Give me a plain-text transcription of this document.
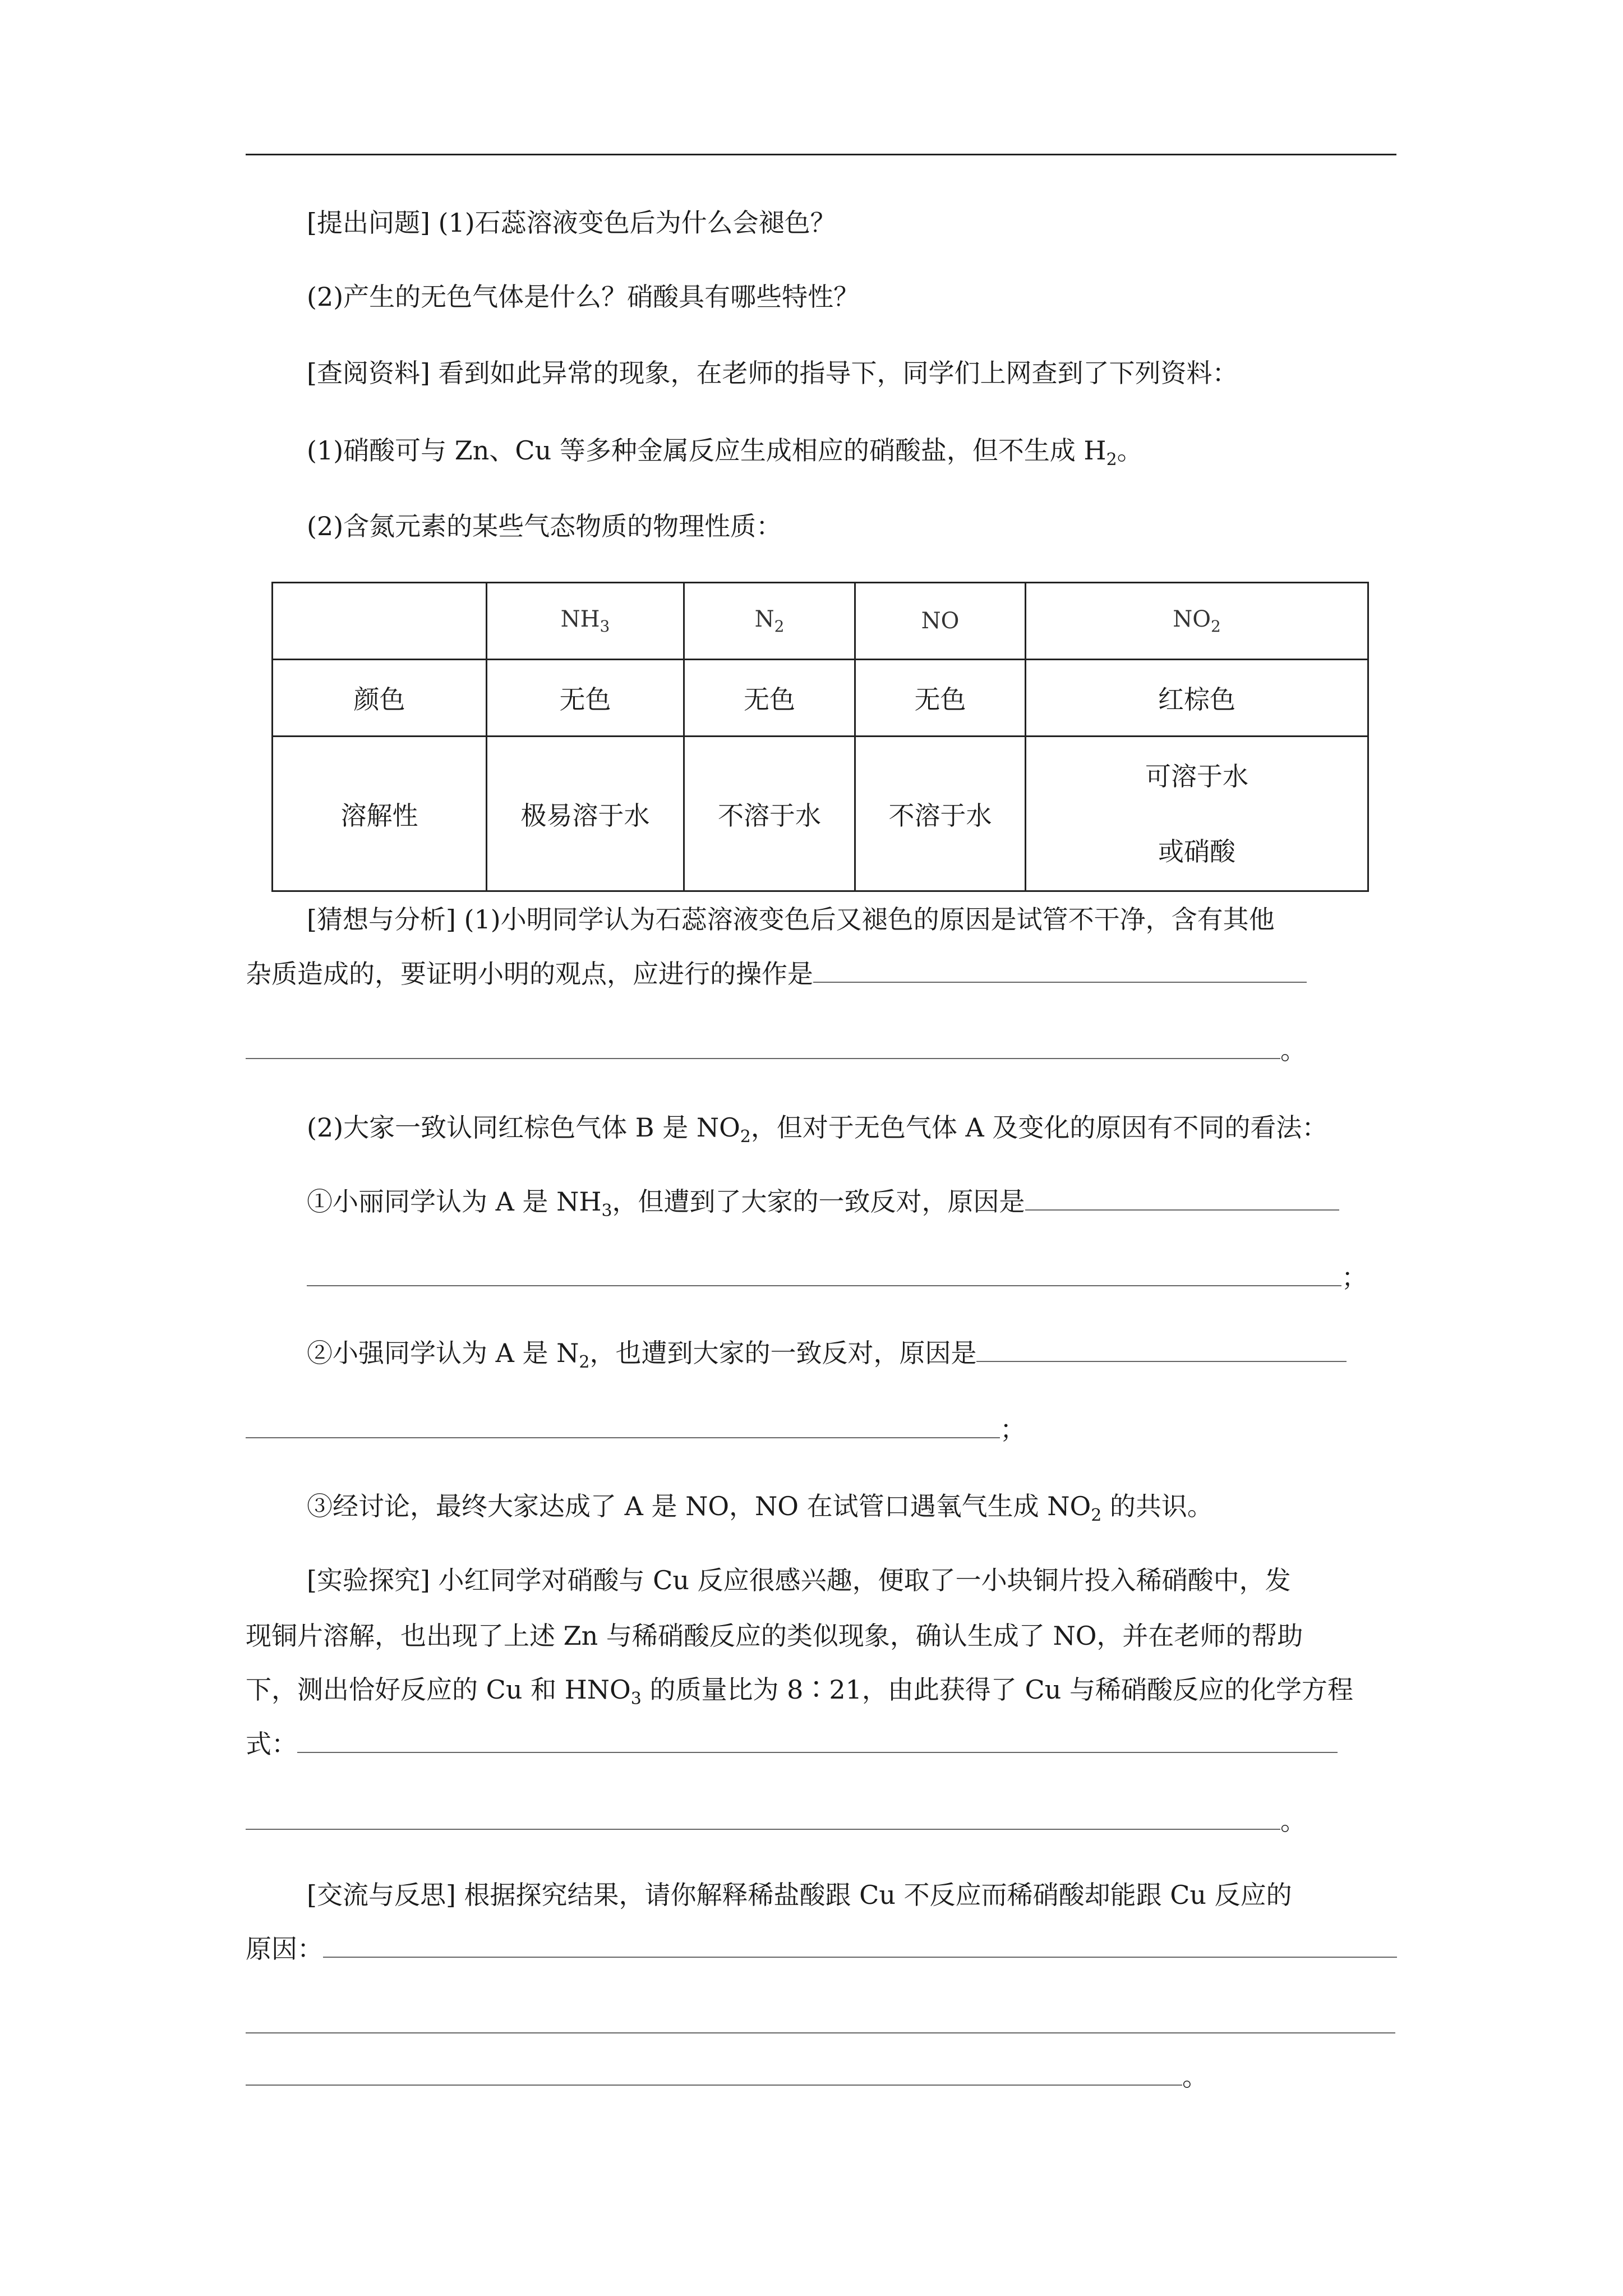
[提出问题] (1)石蕊溶液变色后为什么会褪色？
(2)产生的无色气体是什么？硝酸具有哪些特性？
[查阅资料] 看到如此异常的现象，在老师的指导下，同学们上网查到了下列资料：
(1)硝酸可与 Zn、Cu 等多种金属反应生成相应的硝酸盐，但不生成 $H_2$。
(2)含氮元素的某些气态物质的物理性质：
	$NH_3$	$N_2$	NO	$NO_2$
颜色	无色	无色	无色	红棕色
溶解性	极易溶于水	不溶于水	不溶于水	可溶于水
或硝酸
[猜想与分析] (1)小明同学认为石蕊溶液变色后又褪色的原因是试管不干净，含有其他
杂质造成的，要证明小明的观点，应进行的操作是
。
(2)大家一致认同红棕色气体 B 是 $NO_2$，但对于无色气体 A 及变化的原因有不同的看法：
①小丽同学认为 A 是 $NH_3$，但遭到了大家的一致反对，原因是
；
②小强同学认为 A 是 $N_2$，也遭到大家的一致反对，原因是
；
③经讨论，最终大家达成了 A 是 NO，NO 在试管口遇氧气生成 $NO_2$ 的共识。
[实验探究] 小红同学对硝酸与 Cu 反应很感兴趣，便取了一小块铜片投入稀硝酸中，发
现铜片溶解，也出现了上述 Zn 与稀硝酸反应的类似现象，确认生成了 NO，并在老师的帮助
下，测出恰好反应的 Cu 和 $HNO_3$ 的质量比为 8∶21，由此获得了 Cu 与稀硝酸反应的化学方程
式：
。
[交流与反思] 根据探究结果，请你解释稀盐酸跟 Cu 不反应而稀硝酸却能跟 Cu 反应的
原因：
。
